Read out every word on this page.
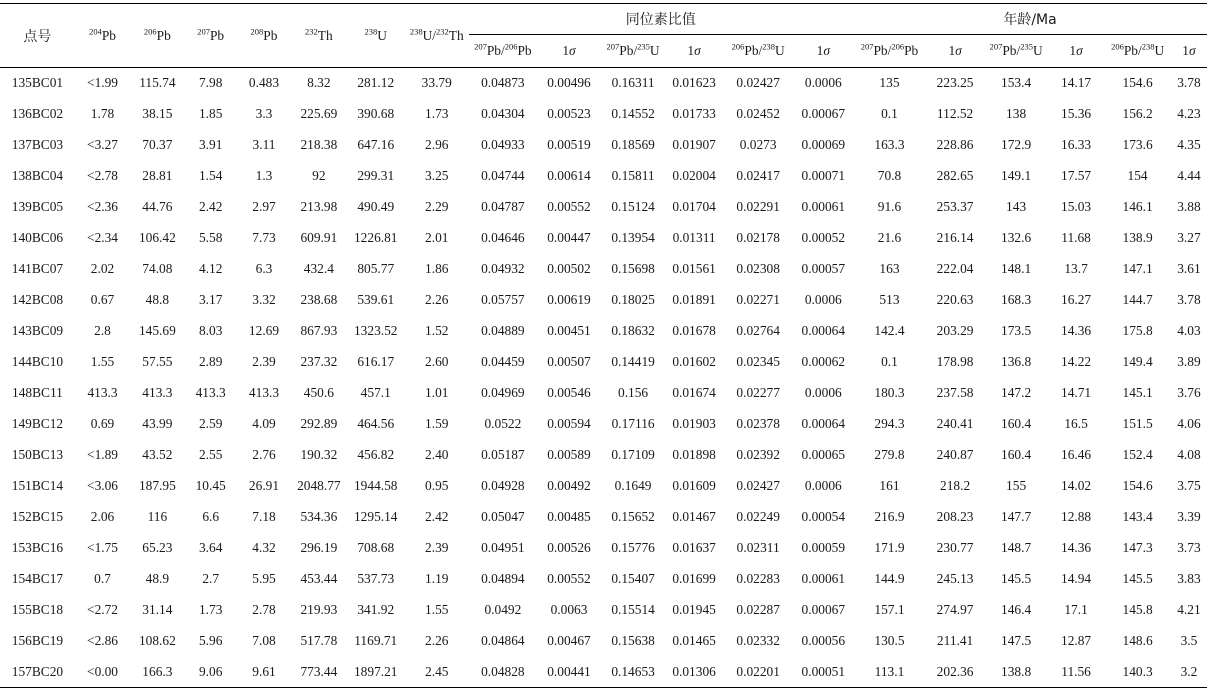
点号	$^{204}$Pb	$^{206}$Pb	$^{207}$Pb	$^{208}$Pb	$^{232}$Th	$^{238}$U	$^{238}$U/$^{232}$Th	同位素比值						年龄/Ma					
								$^{207}$Pb/$^{206}$Pb	1σ	$^{207}$Pb/$^{235}$U	1σ	$^{206}$Pb/$^{238}$U	1σ	$^{207}$Pb/$^{206}$Pb	1σ	$^{207}$Pb/$^{235}$U	1σ	$^{206}$Pb/$^{238}$U	1σ
135BC01	<1.99	115.74	7.98	0.483	8.32	281.12	33.79	0.04873	0.00496	0.16311	0.01623	0.02427	0.0006	135	223.25	153.4	14.17	154.6	3.78
136BC02	1.78	38.15	1.85	3.3	225.69	390.68	1.73	0.04304	0.00523	0.14552	0.01733	0.02452	0.00067	0.1	112.52	138	15.36	156.2	4.23
137BC03	<3.27	70.37	3.91	3.11	218.38	647.16	2.96	0.04933	0.00519	0.18569	0.01907	0.0273	0.00069	163.3	228.86	172.9	16.33	173.6	4.35
138BC04	<2.78	28.81	1.54	1.3	92	299.31	3.25	0.04744	0.00614	0.15811	0.02004	0.02417	0.00071	70.8	282.65	149.1	17.57	154	4.44
139BC05	<2.36	44.76	2.42	2.97	213.98	490.49	2.29	0.04787	0.00552	0.15124	0.01704	0.02291	0.00061	91.6	253.37	143	15.03	146.1	3.88
140BC06	<2.34	106.42	5.58	7.73	609.91	1226.81	2.01	0.04646	0.00447	0.13954	0.01311	0.02178	0.00052	21.6	216.14	132.6	11.68	138.9	3.27
141BC07	2.02	74.08	4.12	6.3	432.4	805.77	1.86	0.04932	0.00502	0.15698	0.01561	0.02308	0.00057	163	222.04	148.1	13.7	147.1	3.61
142BC08	0.67	48.8	3.17	3.32	238.68	539.61	2.26	0.05757	0.00619	0.18025	0.01891	0.02271	0.0006	513	220.63	168.3	16.27	144.7	3.78
143BC09	2.8	145.69	8.03	12.69	867.93	1323.52	1.52	0.04889	0.00451	0.18632	0.01678	0.02764	0.00064	142.4	203.29	173.5	14.36	175.8	4.03
144BC10	1.55	57.55	2.89	2.39	237.32	616.17	2.60	0.04459	0.00507	0.14419	0.01602	0.02345	0.00062	0.1	178.98	136.8	14.22	149.4	3.89
148BC11	413.3	413.3	413.3	413.3	450.6	457.1	1.01	0.04969	0.00546	0.156	0.01674	0.02277	0.0006	180.3	237.58	147.2	14.71	145.1	3.76
149BC12	0.69	43.99	2.59	4.09	292.89	464.56	1.59	0.0522	0.00594	0.17116	0.01903	0.02378	0.00064	294.3	240.41	160.4	16.5	151.5	4.06
150BC13	<1.89	43.52	2.55	2.76	190.32	456.82	2.40	0.05187	0.00589	0.17109	0.01898	0.02392	0.00065	279.8	240.87	160.4	16.46	152.4	4.08
151BC14	<3.06	187.95	10.45	26.91	2048.77	1944.58	0.95	0.04928	0.00492	0.1649	0.01609	0.02427	0.0006	161	218.2	155	14.02	154.6	3.75
152BC15	2.06	116	6.6	7.18	534.36	1295.14	2.42	0.05047	0.00485	0.15652	0.01467	0.02249	0.00054	216.9	208.23	147.7	12.88	143.4	3.39
153BC16	<1.75	65.23	3.64	4.32	296.19	708.68	2.39	0.04951	0.00526	0.15776	0.01637	0.02311	0.00059	171.9	230.77	148.7	14.36	147.3	3.73
154BC17	0.7	48.9	2.7	5.95	453.44	537.73	1.19	0.04894	0.00552	0.15407	0.01699	0.02283	0.00061	144.9	245.13	145.5	14.94	145.5	3.83
155BC18	<2.72	31.14	1.73	2.78	219.93	341.92	1.55	0.0492	0.0063	0.15514	0.01945	0.02287	0.00067	157.1	274.97	146.4	17.1	145.8	4.21
156BC19	<2.86	108.62	5.96	7.08	517.78	1169.71	2.26	0.04864	0.00467	0.15638	0.01465	0.02332	0.00056	130.5	211.41	147.5	12.87	148.6	3.5
157BC20	<0.00	166.3	9.06	9.61	773.44	1897.21	2.45	0.04828	0.00441	0.14653	0.01306	0.02201	0.00051	113.1	202.36	138.8	11.56	140.3	3.2
